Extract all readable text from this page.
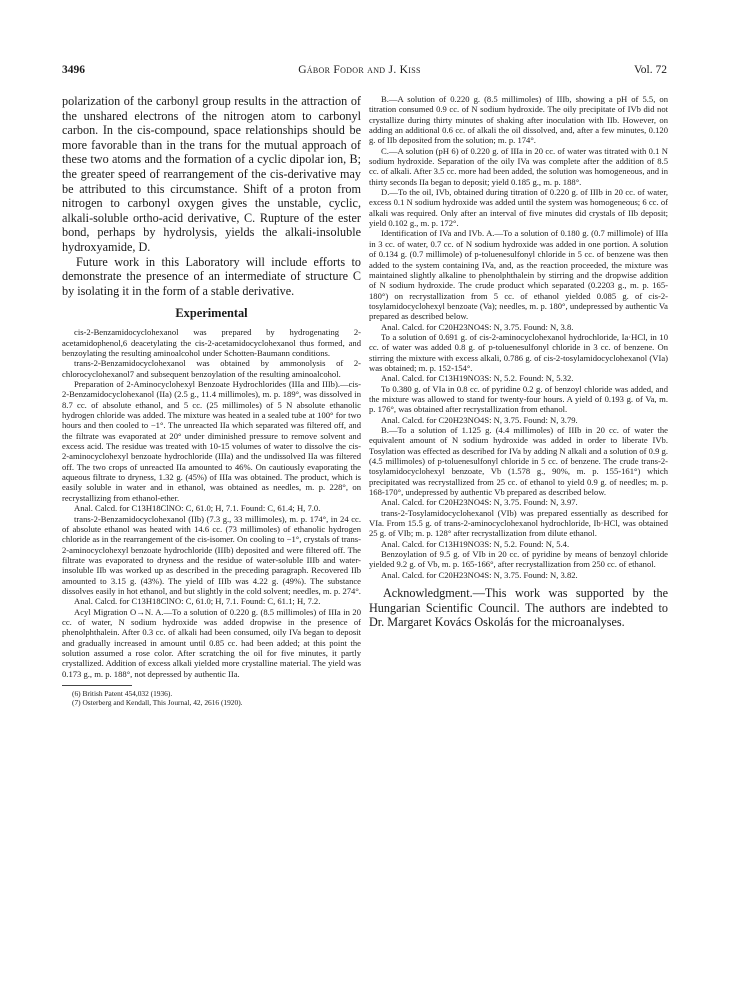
3496	Gábor Fodor and J. Kiss	Vol. 72

polarization of the carbonyl group results in the attraction of the unshared electrons of the nitrogen atom to carbonyl carbon. In the cis-compound, space relationships should be more favorable than in the trans for the mutual approach of these two atoms and the formation of a cyclic dipolar ion, B; the greater speed of rearrangement of the cis-derivative may be attributed to this circumstance. Shift of a proton from nitrogen to carbonyl oxygen gives the unstable, cyclic, alkali-soluble ortho-acid derivative, C. Rupture of the ester bond, perhaps by hydrolysis, yields the alkali-insoluble hydroxyamide, D.

Future work in this Laboratory will include efforts to demonstrate the presence of an intermediate of structure C by isolating it in the form of a stable derivative.

Experimental

cis-2-Benzamidocyclohexanol was prepared by hydrogenating 2-acetamidophenol,6 deacetylating the cis-2-acetamidocyclohexanol thus formed, and benzoylating the resulting aminoalcohol under Schotten-Baumann conditions.

trans-2-Benzamidocyclohexanol was obtained by ammonolysis of 2-chlorocyclohexanol7 and subsequent benzoylation of the resulting aminoalcohol.

Preparation of 2-Aminocyclohexyl Benzoate Hydrochlorides (IIIa and IIIb).—cis-2-Benzamidocyclohexanol (IIa) (2.5 g., 11.4 millimoles), m. p. 189°, was dissolved in 8.7 cc. of absolute ethanol, and 5 cc. (25 millimoles) of 5 N absolute ethanolic hydrogen chloride was added. The mixture was heated in a sealed tube at 100° for two hours and then cooled to −1°. The unreacted IIa which separated was filtered off, and the filtrate was evaporated at 20° under diminished pressure to remove solvent and excess acid. The residue was treated with 10-15 volumes of water to dissolve the cis-2-aminocyclohexyl benzoate hydrochloride (IIIa) and the undissolved IIa was filtered off. The two crops of unreacted IIa amounted to 46%. On cautiously evaporating the aqueous filtrate to dryness, 1.32 g. (45%) of IIIa was obtained. The product, which is easily soluble in water and in ethanol, was obtained as needles, m. p. 228°, on recrystallizing from ethanol-ether.

Anal. Calcd. for C13H18ClNO: C, 61.0; H, 7.1. Found: C, 61.4; H, 7.0.

trans-2-Benzamidocyclohexanol (IIb) (7.3 g., 33 millimoles), m. p. 174°, in 24 cc. of absolute ethanol was heated with 14.6 cc. (73 millimoles) of ethanolic hydrogen chloride as in the rearrangement of the cis-isomer. On cooling to −1°, crystals of trans-2-aminocyclohexyl benzoate hydrochloride (IIIb) deposited and were filtered off. The filtrate was evaporated to dryness and the residue of water-soluble IIIb and water-insoluble IIb was worked up as described in the preceding paragraph. Recovered IIb amounted to 3.15 g. (43%). The yield of IIIb was 4.22 g. (49%). The substance dissolves easily in hot ethanol, and but slightly in the cold solvent; needles, m. p. 274°.

Anal. Calcd. for C13H18ClNO: C, 61.0; H, 7.1. Found: C, 61.1; H, 7.2.

Acyl Migration O→N. A.—To a solution of 0.220 g. (8.5 millimoles) of IIIa in 20 cc. of water, N sodium hydroxide was added dropwise in the presence of phenolphthalein. After 0.3 cc. of alkali had been consumed, oily IVa began to deposit and gradually increased in amount until 0.85 cc. had been added; at this point the solution assumed a rose color. After scratching the oil for five minutes, it partly crystallized. Addition of excess alkali yielded more crystalline material. The yield was 0.173 g., m. p. 188°, not depressed by authentic IIa.

(6) British Patent 454,032 (1936).

(7) Osterberg and Kendall, This Journal, 42, 2616 (1920).

B.—A solution of 0.220 g. (8.5 millimoles) of IIIb, showing a pH of 5.5, on titration consumed 0.9 cc. of N sodium hydroxide. The oily precipitate of IVb did not crystallize during thirty minutes of shaking after inoculation with IIb. However, on adding an additional 0.6 cc. of alkali the oil dissolved, and, after a few minutes, 0.120 g. of IIb deposited from the solution; m. p. 174°.

C.—A solution (pH 6) of 0.220 g. of IIIa in 20 cc. of water was titrated with 0.1 N sodium hydroxide. Separation of the oily IVa was complete after the addition of 8.5 cc. of alkali. After 3.5 cc. more had been added, the solution was homogeneous, and in thirty seconds IIa began to deposit; yield 0.185 g., m. p. 188°.

D.—To the oil, IVb, obtained during titration of 0.220 g. of IIIb in 20 cc. of water, excess 0.1 N sodium hydroxide was added until the system was homogeneous; 6 cc. of alkali was required. Only after an interval of five minutes did crystals of IIb deposit; yield 0.102 g., m. p. 172°.

Identification of IVa and IVb. A.—To a solution of 0.180 g. (0.7 millimole) of IIIa in 3 cc. of water, 0.7 cc. of N sodium hydroxide was added in one portion. A solution of 0.134 g. (0.7 millimole) of p-toluenesulfonyl chloride in 5 cc. of benzene was then added to the system containing IVa, and, as the reaction proceeded, the mixture was maintained slightly alkaline to phenolphthalein by stirring and the dropwise addition of N sodium hydroxide. The crude product which separated (0.2203 g., m. p. 165-180°) on recrystallization from 5 cc. of ethanol yielded 0.085 g. of cis-2-tosylamidocyclohexyl benzoate (Va); needles, m. p. 180°, undepressed by authentic Va prepared as described below.

Anal. Calcd. for C20H23NO4S: N, 3.75. Found: N, 3.8.

To a solution of 0.691 g. of cis-2-aminocyclohexanol hydrochloride, Ia·HCl, in 10 cc. of water was added 0.8 g. of p-toluenesulfonyl chloride in 3 cc. of benzene. On stirring the mixture with excess alkali, 0.786 g. of cis-2-tosylamidocyclohexanol (VIa) was obtained; m. p. 152-154°.

Anal. Calcd. for C13H19NO3S: N, 5.2. Found: N, 5.32.

To 0.380 g. of VIa in 0.8 cc. of pyridine 0.2 g. of benzoyl chloride was added, and the mixture was allowed to stand for twenty-four hours. A yield of 0.193 g. of Va, m. p. 176°, was obtained after recrystallization from ethanol.

Anal. Calcd. for C20H23NO4S: N, 3.75. Found: N, 3.79.

B.—To a solution of 1.125 g. (4.4 millimoles) of IIIb in 20 cc. of water the equivalent amount of N sodium hydroxide was added in order to liberate IVb. Tosylation was effected as described for IVa by adding N alkali and a solution of 0.9 g. (4.5 millimoles) of p-toluenesulfonyl chloride in 5 cc. of benzene. The crude trans-2-tosylamidocyclohexyl benzoate, Vb (1.578 g., 90%, m. p. 155-161°) which precipitated was recrystallized from 25 cc. of ethanol to yield 0.9 g. of needles; m. p. 168-170°, undepressed by authentic Vb prepared as described below.

Anal. Calcd. for C20H23NO4S: N, 3.75. Found: N, 3.97.

trans-2-Tosylamidocyclohexanol (VIb) was prepared essentially as described for VIa. From 15.5 g. of trans-2-aminocyclohexanol hydrochloride, Ib·HCl, was obtained 25 g. of VIb; m. p. 128° after recrystallization from dilute ethanol.

Anal. Calcd. for C13H19NO3S: N, 5.2. Found: N, 5.4.

Benzoylation of 9.5 g. of VIb in 20 cc. of pyridine by means of benzoyl chloride yielded 9.2 g. of Vb, m. p. 165-166°, after recrystallization from 250 cc. of ethanol.

Anal. Calcd. for C20H23NO4S: N, 3.75. Found: N, 3.82.

Acknowledgment.—This work was supported by the Hungarian Scientific Council. The authors are indebted to Dr. Margaret Kovács Oskolás for the microanalyses.
